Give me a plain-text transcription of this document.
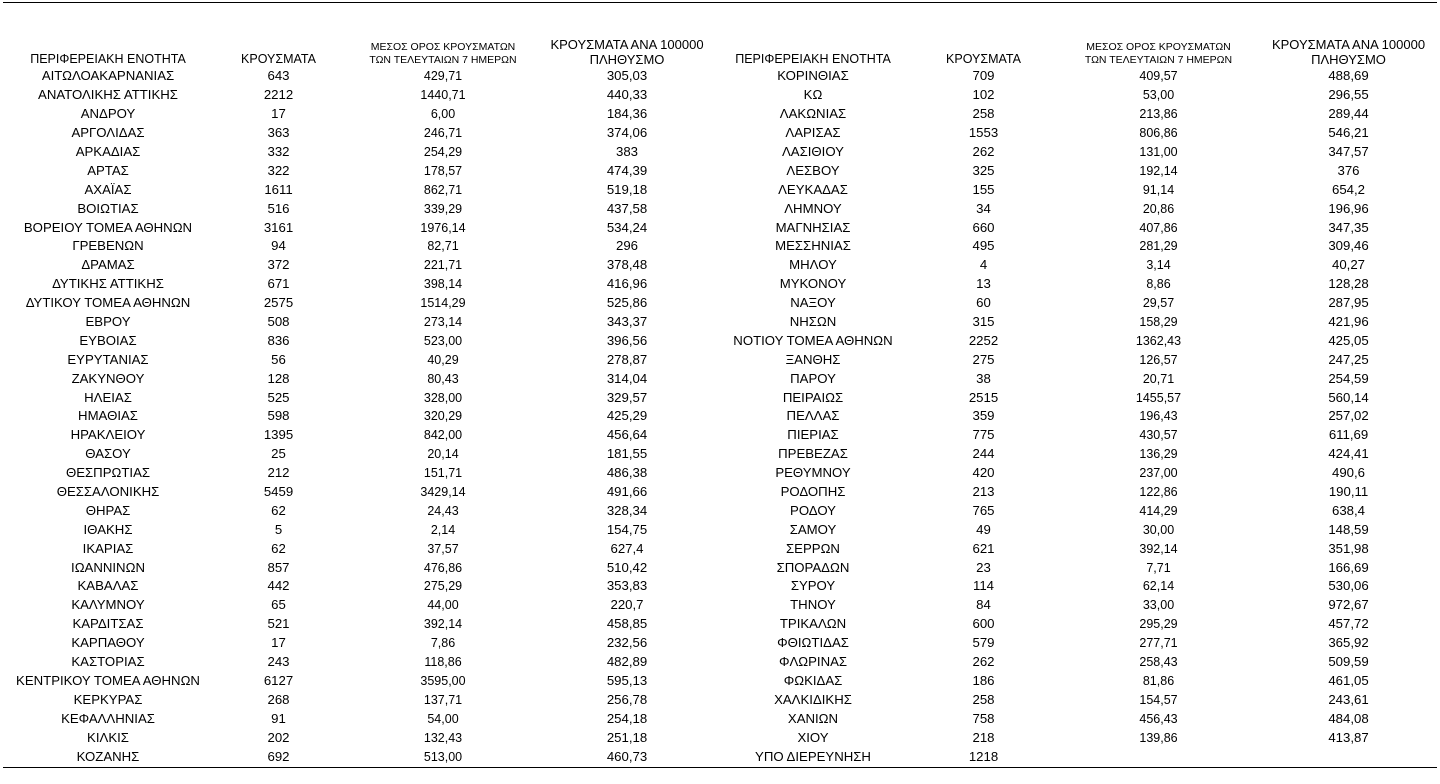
ΠΕΡΙΦΕΡΕΙΑΚΗ ΕΝΟΤΗΤΑ	ΚΡΟΥΣΜΑΤΑ	ΜΕΣΟΣ ΟΡΟΣ ΚΡΟΥΣΜΑΤΩΝ
ΤΩΝ ΤΕΛΕΥΤΑΙΩΝ 7 ΗΜΕΡΩΝ	ΚΡΟΥΣΜΑΤΑ ΑΝΑ 100000
ΠΛΗΘΥΣΜΟ	ΠΕΡΙΦΕΡΕΙΑΚΗ ΕΝΟΤΗΤΑ	ΚΡΟΥΣΜΑΤΑ	ΜΕΣΟΣ ΟΡΟΣ ΚΡΟΥΣΜΑΤΩΝ
ΤΩΝ ΤΕΛΕΥΤΑΙΩΝ 7 ΗΜΕΡΩΝ	ΚΡΟΥΣΜΑΤΑ ΑΝΑ 100000
ΠΛΗΘΥΣΜΟ
ΑΙΤΩΛΟΑΚΑΡΝΑΝΙΑΣ	643	429,71	305,03	ΚΟΡΙΝΘΙΑΣ	709	409,57	488,69
ΑΝΑΤΟΛΙΚΗΣ ΑΤΤΙΚΗΣ	2212	1440,71	440,33	ΚΩ	102	53,00	296,55
ΑΝΔΡΟΥ	17	6,00	184,36	ΛΑΚΩΝΙΑΣ	258	213,86	289,44
ΑΡΓΟΛΙΔΑΣ	363	246,71	374,06	ΛΑΡΙΣΑΣ	1553	806,86	546,21
ΑΡΚΑΔΙΑΣ	332	254,29	383	ΛΑΣΙΘΙΟΥ	262	131,00	347,57
ΑΡΤΑΣ	322	178,57	474,39	ΛΕΣΒΟΥ	325	192,14	376
ΑΧΑΪΑΣ	1611	862,71	519,18	ΛΕΥΚΑΔΑΣ	155	91,14	654,2
ΒΟΙΩΤΙΑΣ	516	339,29	437,58	ΛΗΜΝΟΥ	34	20,86	196,96
ΒΟΡΕΙΟΥ ΤΟΜΕΑ ΑΘΗΝΩΝ	3161	1976,14	534,24	ΜΑΓΝΗΣΙΑΣ	660	407,86	347,35
ΓΡΕΒΕΝΩΝ	94	82,71	296	ΜΕΣΣΗΝΙΑΣ	495	281,29	309,46
ΔΡΑΜΑΣ	372	221,71	378,48	ΜΗΛΟΥ	4	3,14	40,27
ΔΥΤΙΚΗΣ ΑΤΤΙΚΗΣ	671	398,14	416,96	ΜΥΚΟΝΟΥ	13	8,86	128,28
ΔΥΤΙΚΟΥ ΤΟΜΕΑ ΑΘΗΝΩΝ	2575	1514,29	525,86	ΝΑΞΟΥ	60	29,57	287,95
ΕΒΡΟΥ	508	273,14	343,37	ΝΗΣΩΝ	315	158,29	421,96
ΕΥΒΟΙΑΣ	836	523,00	396,56	ΝΟΤΙΟΥ ΤΟΜΕΑ ΑΘΗΝΩΝ	2252	1362,43	425,05
ΕΥΡΥΤΑΝΙΑΣ	56	40,29	278,87	ΞΑΝΘΗΣ	275	126,57	247,25
ΖΑΚΥΝΘΟΥ	128	80,43	314,04	ΠΑΡΟΥ	38	20,71	254,59
ΗΛΕΙΑΣ	525	328,00	329,57	ΠΕΙΡΑΙΩΣ	2515	1455,57	560,14
ΗΜΑΘΙΑΣ	598	320,29	425,29	ΠΕΛΛΑΣ	359	196,43	257,02
ΗΡΑΚΛΕΙΟΥ	1395	842,00	456,64	ΠΙΕΡΙΑΣ	775	430,57	611,69
ΘΑΣΟΥ	25	20,14	181,55	ΠΡΕΒΕΖΑΣ	244	136,29	424,41
ΘΕΣΠΡΩΤΙΑΣ	212	151,71	486,38	ΡΕΘΥΜΝΟΥ	420	237,00	490,6
ΘΕΣΣΑΛΟΝΙΚΗΣ	5459	3429,14	491,66	ΡΟΔΟΠΗΣ	213	122,86	190,11
ΘΗΡΑΣ	62	24,43	328,34	ΡΟΔΟΥ	765	414,29	638,4
ΙΘΑΚΗΣ	5	2,14	154,75	ΣΑΜΟΥ	49	30,00	148,59
ΙΚΑΡΙΑΣ	62	37,57	627,4	ΣΕΡΡΩΝ	621	392,14	351,98
ΙΩΑΝΝΙΝΩΝ	857	476,86	510,42	ΣΠΟΡΑΔΩΝ	23	7,71	166,69
ΚΑΒΑΛΑΣ	442	275,29	353,83	ΣΥΡΟΥ	114	62,14	530,06
ΚΑΛΥΜΝΟΥ	65	44,00	220,7	ΤΗΝΟΥ	84	33,00	972,67
ΚΑΡΔΙΤΣΑΣ	521	392,14	458,85	ΤΡΙΚΑΛΩΝ	600	295,29	457,72
ΚΑΡΠΑΘΟΥ	17	7,86	232,56	ΦΘΙΩΤΙΔΑΣ	579	277,71	365,92
ΚΑΣΤΟΡΙΑΣ	243	118,86	482,89	ΦΛΩΡΙΝΑΣ	262	258,43	509,59
ΚΕΝΤΡΙΚΟΥ ΤΟΜΕΑ ΑΘΗΝΩΝ	6127	3595,00	595,13	ΦΩΚΙΔΑΣ	186	81,86	461,05
ΚΕΡΚΥΡΑΣ	268	137,71	256,78	ΧΑΛΚΙΔΙΚΗΣ	258	154,57	243,61
ΚΕΦΑΛΛΗΝΙΑΣ	91	54,00	254,18	ΧΑΝΙΩΝ	758	456,43	484,08
ΚΙΛΚΙΣ	202	132,43	251,18	ΧΙΟΥ	218	139,86	413,87
ΚΟΖΑΝΗΣ	692	513,00	460,73	ΥΠΟ ΔΙΕΡΕΥΝΗΣΗ	1218		
